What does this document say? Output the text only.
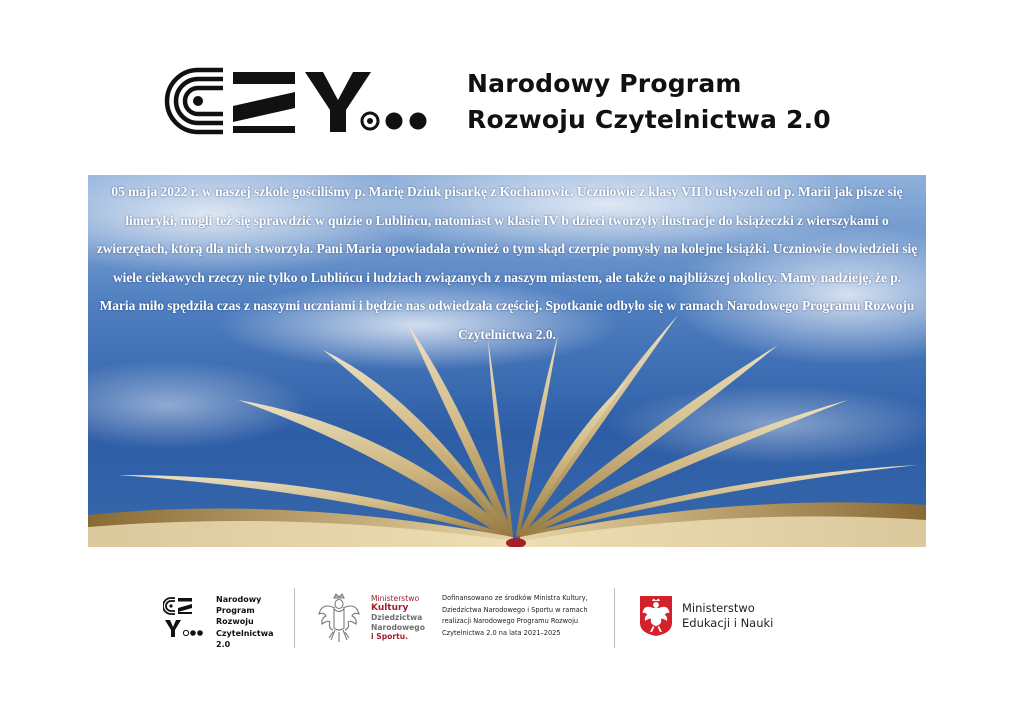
Narodowy Program
Rozwoju Czytelnictwa 2.0
05 maja 2022 r. w naszej szkole gościliśmy p. Marię Dziuk pisarkę z Kochanowic. Uczniowie z klasy VII b usłyszeli od p. Marii jak pisze się limeryki, mogli też się sprawdzić w quizie o Lublińcu, natomiast w klasie IV b dzieci tworzyły ilustracje do książeczki z wierszykami o zwierzętach, którą dla nich stworzyła. Pani Maria opowiadała również o tym skąd czerpie pomysły na kolejne książki. Uczniowie dowiedzieli się wiele ciekawych rzeczy nie tylko o Lublińcu i ludziach związanych z naszym miastem, ale także o najbliższej okolicy. Mamy nadzieję, że p. Maria miło spędziła czas z naszymi uczniami i będzie nas odwiedzała częściej. Spotkanie odbyło się w ramach Narodowego Programu Rozwoju Czytelnictwa 2.0.
Narodowy
Program
Rozwoju
Czytelnictwa
2.0
Ministerstwo
Kultury
Dziedzictwa
Narodowego
i Sportu.
Dofinansowano ze środków Ministra Kultury,
Dziedzictwa Narodowego i Sportu w ramach
realizacji Narodowego Programu Rozwoju
Czytelnictwa 2.0 na lata 2021–2025
Ministerstwo
Edukacji i Nauki
